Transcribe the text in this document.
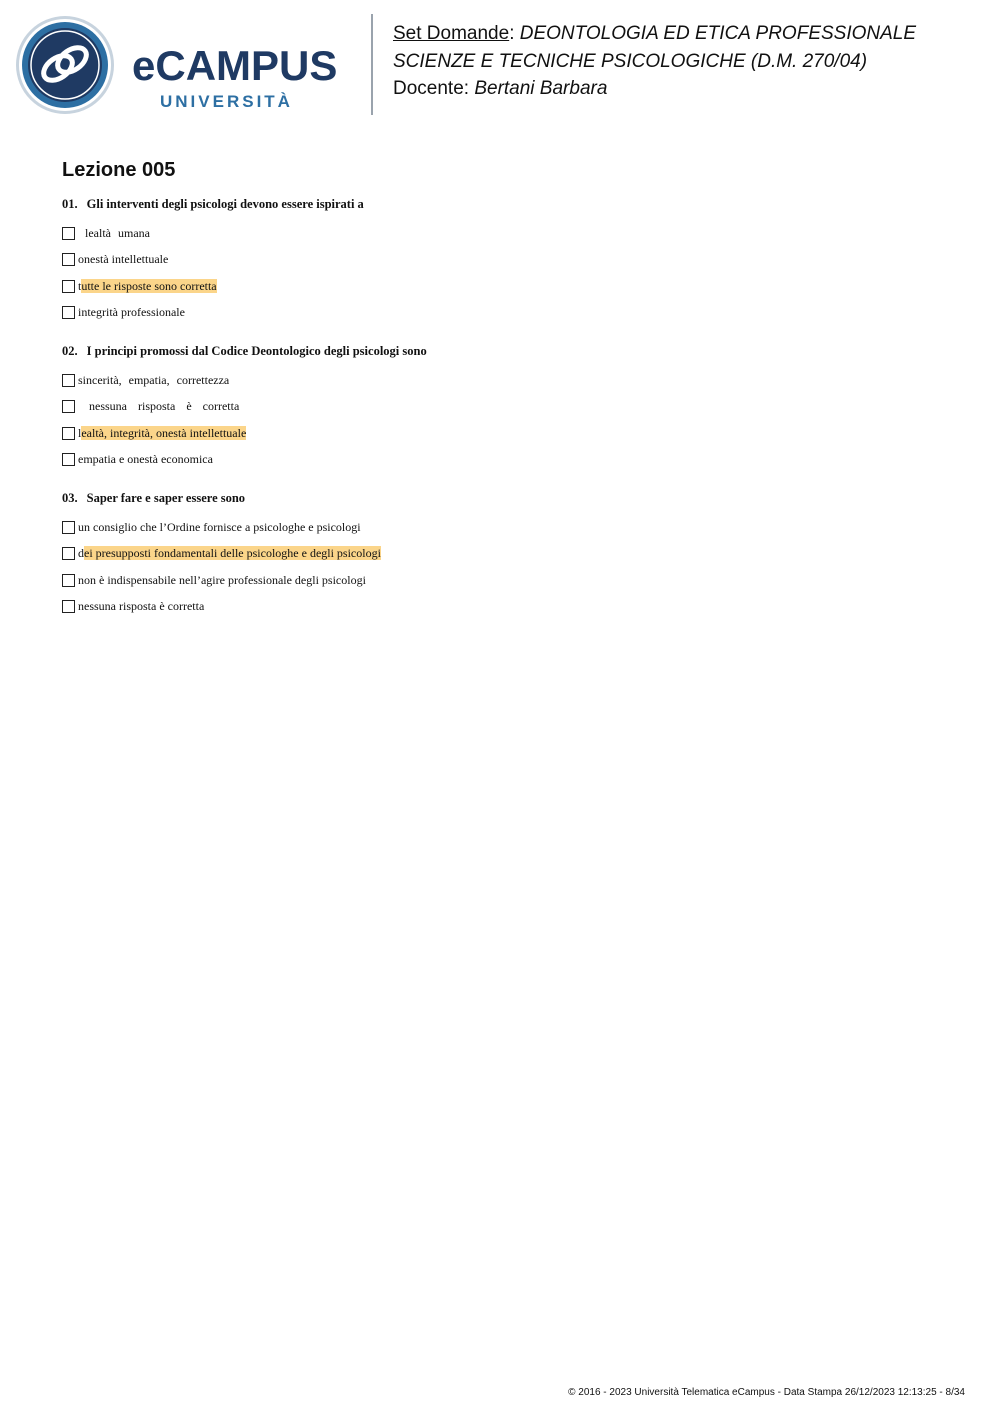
eCAMPUS
UNIVERSITÀ
Set Domande: DEONTOLOGIA ED ETICA PROFESSIONALE
SCIENZE E TECNICHE PSICOLOGICHE (D.M. 270/04)
Docente: Bertani Barbara
Lezione 005
01. Gli interventi degli psicologi devono essere ispirati a
lealtà umana
onestà intellettuale
tutte le risposte sono corretta
integrità professionale
02. I principi promossi dal Codice Deontologico degli psicologi sono
sincerità, empatia, correttezza
nessuna risposta è corretta
lealtà, integrità, onestà intellettuale
empatia e onestà economica
03. Saper fare e saper essere sono
un consiglio che l’Ordine fornisce a psicologhe e psicologi
dei presupposti fondamentali delle psicologhe e degli psicologi
non è indispensabile nell’agire professionale degli psicologi
nessuna risposta è corretta
© 2016 - 2023 Università Telematica eCampus - Data Stampa 26/12/2023 12:13:25 - 8/34
